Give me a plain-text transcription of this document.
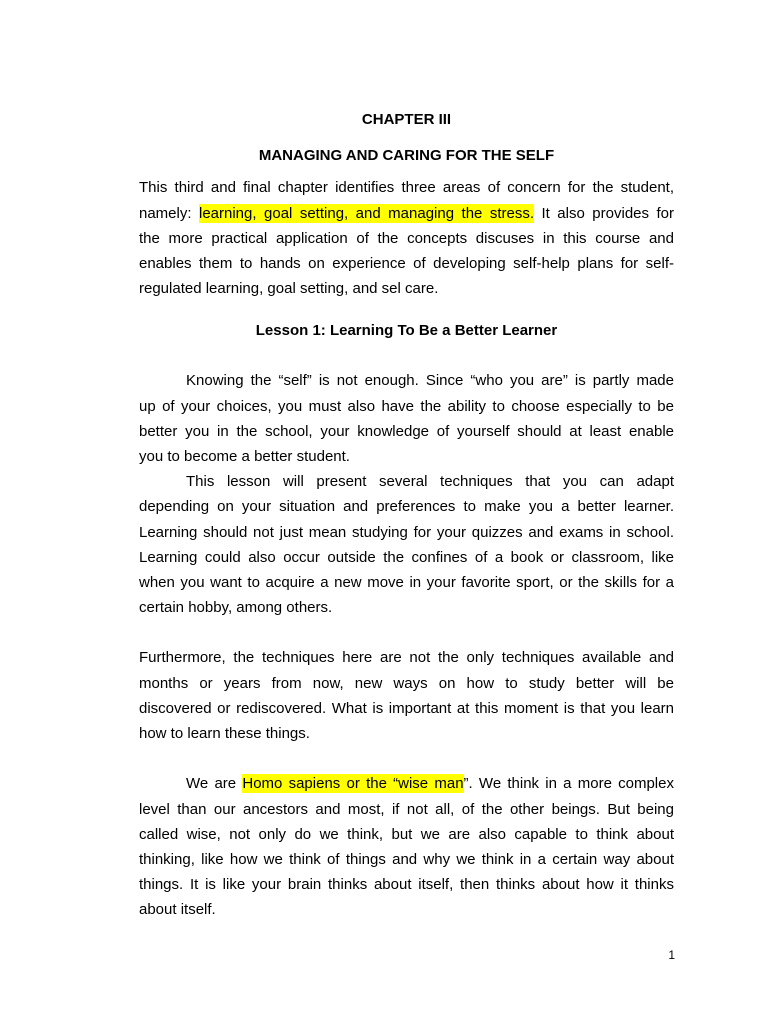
CHAPTER III
MANAGING AND CARING FOR THE SELF
This third and final chapter identifies three areas of concern for the student,
namely: learning, goal setting, and managing the stress. It also provides for
the more practical application of the concepts discuses in this course and
enables them to hands on experience of developing self-help plans for self-
regulated learning, goal setting, and sel care.
Lesson 1: Learning To Be a Better Learner
Knowing the “self” is not enough. Since “who you are” is partly made
up of your choices, you must also have the ability to choose especially to be
better you in the school, your knowledge of yourself should at least enable
you to become a better student.
This lesson will present several techniques that you can adapt
depending on your situation and preferences to make you a better learner.
Learning should not just mean studying for your quizzes and exams in school.
Learning could also occur outside the confines of a book or classroom, like
when you want to acquire a new move in your favorite sport, or the skills for a
certain hobby, among others.
Furthermore, the techniques here are not the only techniques available and
months or years from now, new ways on how to study better will be
discovered or rediscovered. What is important at this moment is that you learn
how to learn these things.
We are Homo sapiens or the “wise man”. We think in a more complex
level than our ancestors and most, if not all, of the other beings. But being
called wise, not only do we think, but we are also capable to think about
thinking, like how we think of things and why we think in a certain way about
things. It is like your brain thinks about itself, then thinks about how it thinks
about itself.
1
